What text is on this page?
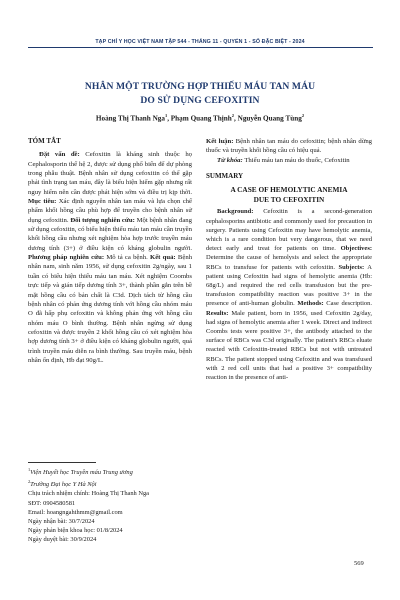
TẠP CHÍ Y HỌC VIỆT NAM TẬP 544 - THÁNG 11 - QUYỂN 1 - SỐ ĐẶC BIỆT - 2024
NHÂN MỘT TRƯỜNG HỢP THIẾU MÁU TAN MÁU
DO SỬ DỤNG CEFOXITIN
Hoàng Thị Thanh Nga$^1$, Phạm Quang Thịnh$^2$, Nguyễn Quang Tùng$^2$

TÓM TẮT

Đặt vấn đề: Cefoxitin là kháng sinh thuộc họ Cephalosporin thế hệ 2, được sử dụng phổ biến để dự phòng trong phẫu thuật. Bệnh nhân sử dụng cefoxitin có thể gặp phải tình trạng tan máu, đây là biểu hiện hiếm gặp nhưng rất nguy hiểm nên cần được phát hiện sớm và điều trị kịp thời. Mục tiêu: Xác định nguyên nhân tan máu và lựa chọn chế phẩm khối hồng cầu phù hợp để truyền cho bệnh nhân sử dụng cefoxitin. Đối tượng nghiên cứu: Một bệnh nhân đang sử dụng cefoxitin, có biểu hiện thiếu máu tan máu cần truyền khối hồng cầu nhưng xét nghiệm hòa hợp trước truyền máu dương tính (3+) ở điều kiện có kháng globulin người. Phương pháp nghiên cứu: Mô tả ca bệnh. Kết quả: Bệnh nhân nam, sinh năm 1956, sử dụng cefoxitin 2g/ngày, sau 1 tuần có biểu hiện thiếu máu tan máu. Xét nghiệm Coombs trực tiếp và gián tiếp dương tính 3+, thành phần gắn trên bề mặt hồng cầu có bản chất là C3d. Dịch tách từ hồng cầu bệnh nhân có phản ứng dương tính với hồng cầu nhóm máu O đã hấp phụ cefoxitin và không phản ứng với hồng cầu nhóm máu O bình thường. Bệnh nhân ngừng sử dụng cefoxitin và được truyền 2 khối hồng cầu có xét nghiệm hòa hợp dương tính 3+ ở điều kiện có kháng globulin người, quá trình truyền máu diễn ra bình thường. Sau truyền máu, bệnh nhân ổn định, Hb đạt 90g/L.

$^1$Viện Huyết học Truyền máu Trung ương
$^2$Trường Đại học Y Hà Nội
Chịu trách nhiệm chính: Hoàng Thị Thanh Nga
SĐT: 0904580581
Email: hoangngahthmm@gmail.com
Ngày nhận bài: 30/7/2024
Ngày phản biện khoa học: 01/8/2024
Ngày duyệt bài: 30/9/2024

Kết luận: Bệnh nhân tan máu do cefoxitin; bệnh nhân dừng thuốc và truyền khối hồng cầu có hiệu quả.

Từ khóa: Thiếu máu tan máu do thuốc, Cefoxitin

SUMMARY

A CASE OF HEMOLYTIC ANEMIA

DUE TO CEFOXITIN

Background: Cefoxitin is a second-generation cephalosporins antibiotic and commonly used for precaution in surgery. Patients using Cefoxitin may have hemolytic anemia, which is a rare condition but very dangerous, that we need detect early and treat for patients on time. Objectives: Determine the cause of hemolysis and select the appropriate RBCs to transfuse for patients with cefoxitin. Subjects: A patient using Cefoxitin had signs of hemolytic anemia (Hb: 68g/L) and required the red cells transfusion but the pre-transfusion compatibility reaction was positive 3+ in the presence of anti-human globulin. Methods: Case description. Results: Male patient, born in 1956, used Cefoxitin 2g/day, had signs of hemolytic anemia after 1 week. Direct and indirect Coombs tests were positive 3+, the antibody attached to the surface of RBCs was C3d originally. The patient's RBCs eluate reacted with Cefoxitin-treated RBCs but not with untreated RBCs. The patient stopped using Cefoxitin and was transfused with 2 red cell units that had a positive 3+ compatibility reaction in the presence of anti-

569
